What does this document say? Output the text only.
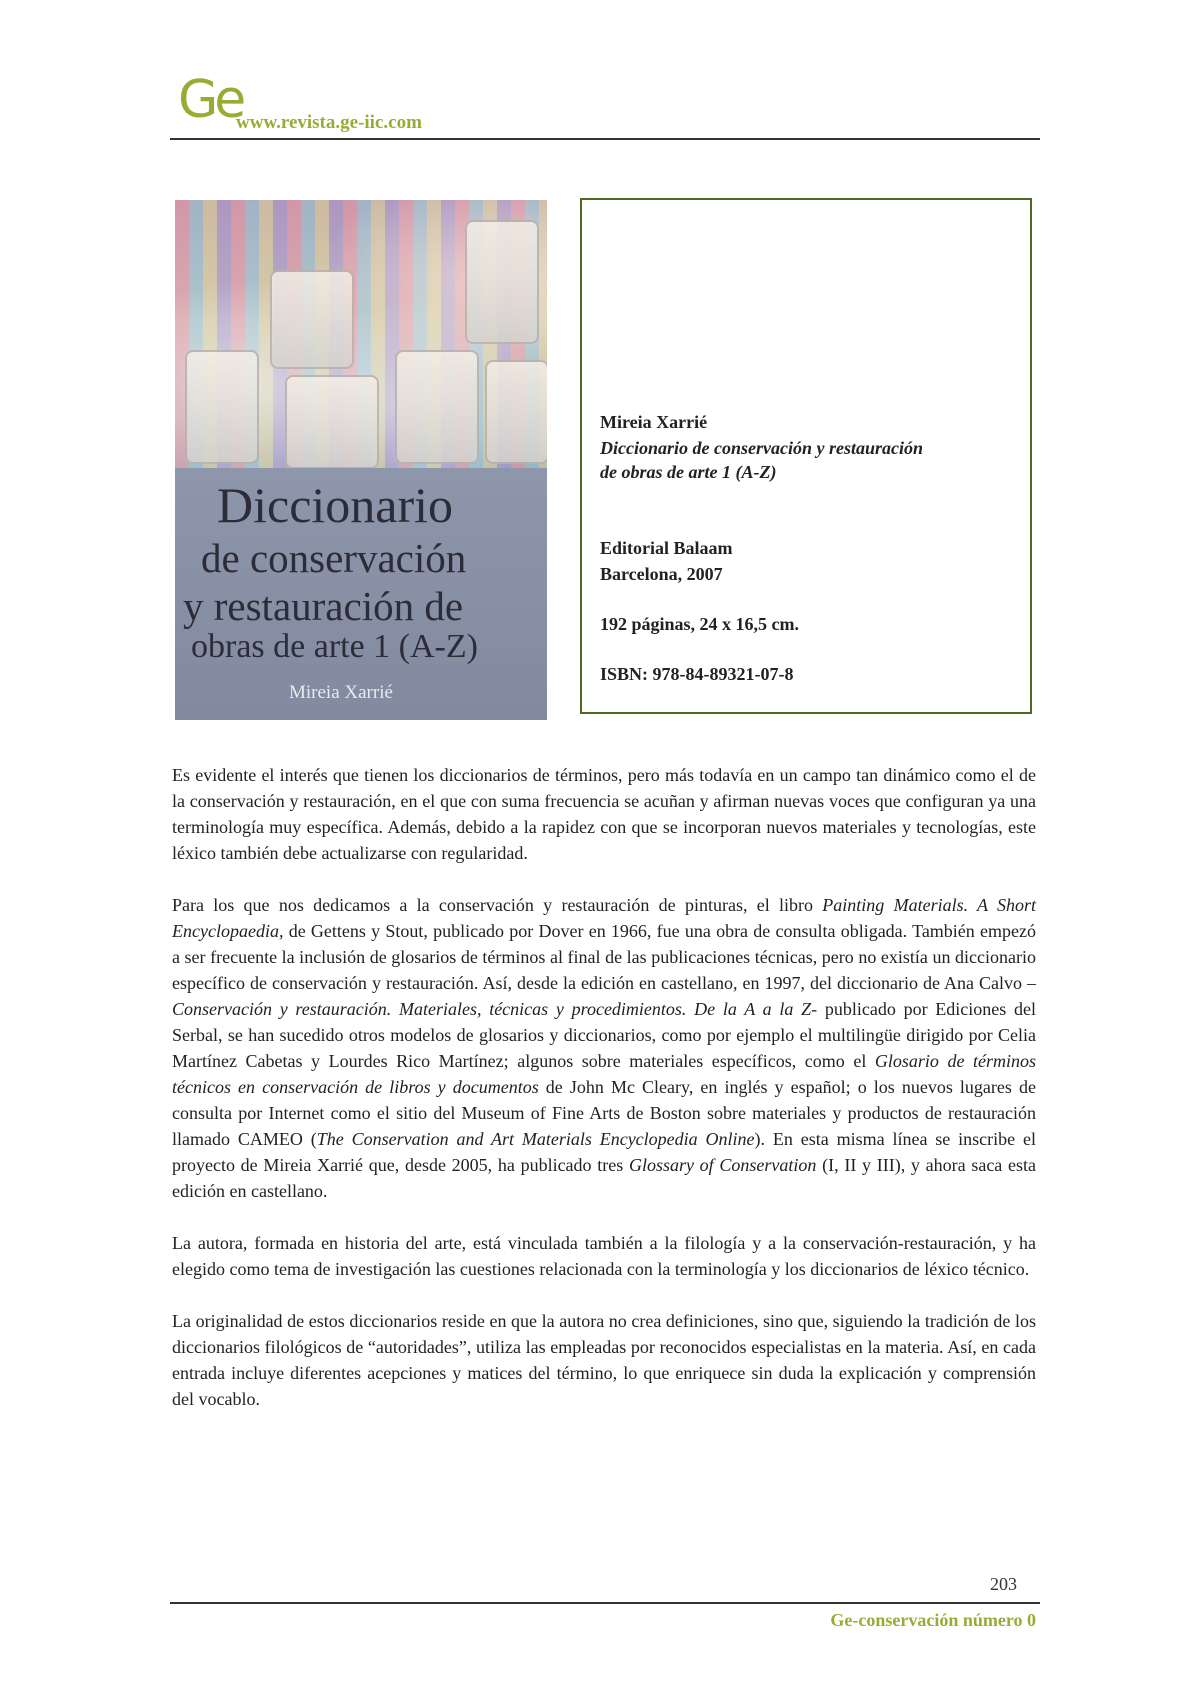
Ge
www.revista.ge-iic.com
Diccionario
de conservación
y restauración de
obras de arte 1 (A-Z)
Mireia Xarrié
Mireia Xarrié
Diccionario de conservación y restauración
de obras de arte 1 (A-Z)
Editorial Balaam
Barcelona, 2007
192 páginas, 24 x 16,5 cm.
ISBN: 978-84-89321-07-8

Es evidente el interés que tienen los diccionarios de términos, pero más todavía en un campo tan dinámico como el de la conservación y restauración, en el que con suma frecuencia se acuñan y afirman nuevas voces que configuran ya una terminología muy específica. Además, debido a la rapidez con que se incorporan nuevos materiales y tecnologías, este léxico también debe actualizarse con regularidad.

Para los que nos dedicamos a la conservación y restauración de pinturas, el libro Painting Materials. A Short Encyclopaedia, de Gettens y Stout, publicado por Dover en 1966, fue una obra de consulta obligada. También empezó a ser frecuente la inclusión de glosarios de términos al final de las publicaciones técnicas, pero no existía un diccionario específico de conservación y restauración. Así, desde la edición en castellano, en 1997, del diccionario de Ana Calvo –Conservación y restauración. Materiales, técnicas y procedimientos. De la A a la Z- publicado por Ediciones del Serbal, se han sucedido otros modelos de glosarios y diccionarios, como por ejemplo el multilingüe dirigido por Celia Martínez Cabetas y Lourdes Rico Martínez; algunos sobre materiales específicos, como el Glosario de términos técnicos en conservación de libros y documentos de John Mc Cleary, en inglés y español; o los nuevos lugares de consulta por Internet como el sitio del Museum of Fine Arts de Boston sobre materiales y productos de restauración llamado CAMEO (The Conservation and Art Materials Encyclopedia Online). En esta misma línea se inscribe el proyecto de Mireia Xarrié que, desde 2005, ha publicado tres Glossary of Conservation (I, II y III), y ahora saca esta edición en castellano.

La autora, formada en historia del arte, está vinculada también a la filología y a la conservación-restauración, y ha elegido como tema de investigación las cuestiones relacionada con la terminología y los diccionarios de léxico técnico.

La originalidad de estos diccionarios reside en que la autora no crea definiciones, sino que, siguiendo la tradición de los diccionarios filológicos de “autoridades”, utiliza las empleadas por reconocidos especialistas en la materia. Así, en cada entrada incluye diferentes acepciones y matices del término, lo que enriquece sin duda la explicación y comprensión del vocablo.

203
Ge-conservación número 0
